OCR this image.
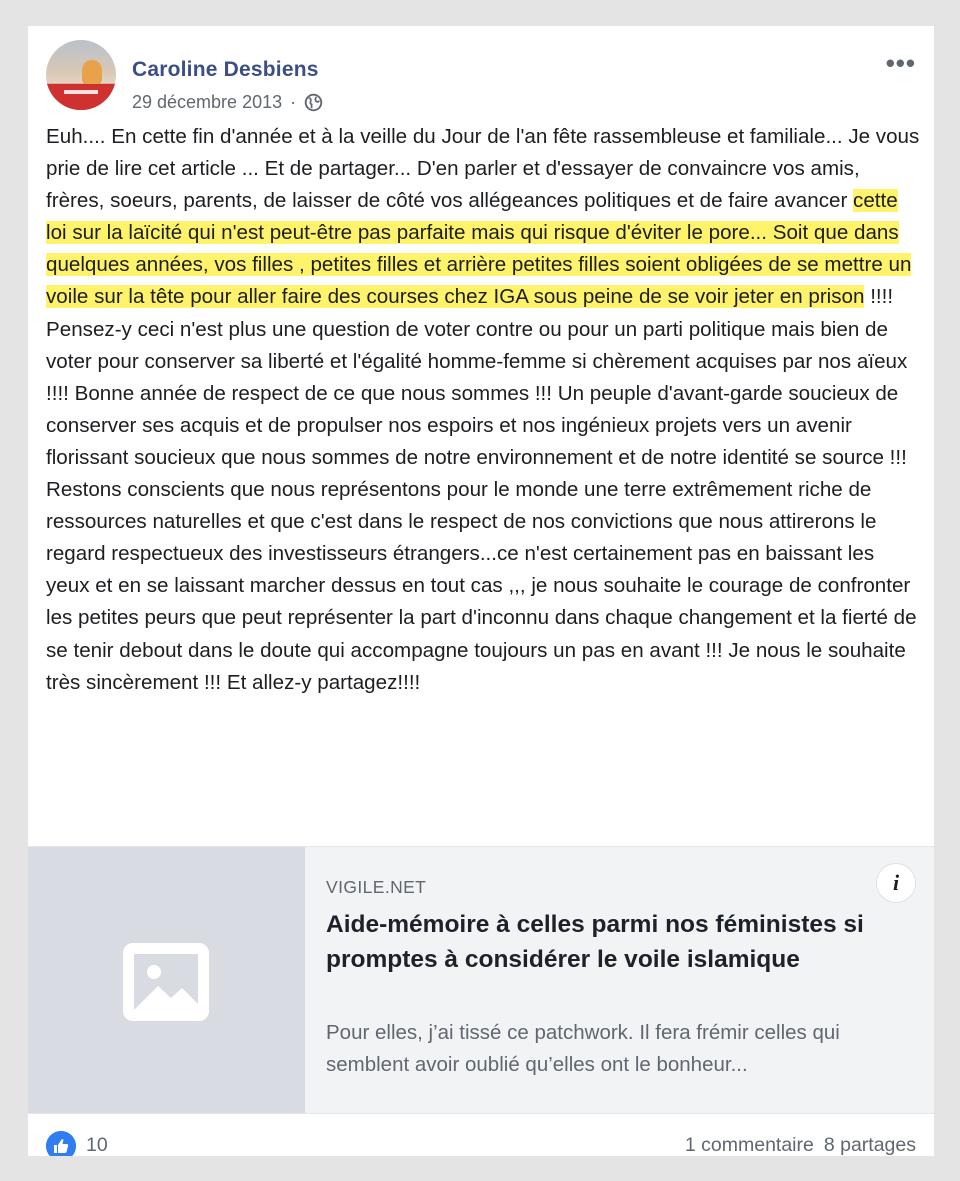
Caroline Desbiens
29 décembre 2013 ·
•••
Euh.... En cette fin d'année et à la veille du Jour de l'an fête rassembleuse et familiale... Je vous prie de lire cet article ... Et de partager... D'en parler et d'essayer de convaincre vos amis, frères, soeurs, parents, de laisser de côté vos allégeances politiques et de faire avancer cette loi sur la laïcité qui n'est peut-être pas parfaite mais qui risque d'éviter le pore... Soit que dans quelques années, vos filles , petites filles et arrière petites filles soient obligées de se mettre un voile sur la tête pour aller faire des courses chez IGA sous peine de se voir jeter en prison !!!! Pensez-y ceci n'est plus une question de voter contre ou pour un parti politique mais bien de voter pour conserver sa liberté et l'égalité homme-femme si chèrement acquises par nos aïeux !!!! Bonne année de respect de ce que nous sommes !!! Un peuple d'avant-garde soucieux de conserver ses acquis et de propulser nos espoirs et nos ingénieux projets vers un avenir florissant soucieux que nous sommes de notre environnement et de notre identité se source !!! Restons conscients que nous représentons pour le monde une terre extrêmement riche de ressources naturelles et que c'est dans le respect de nos convictions que nous attirerons le regard respectueux des investisseurs étrangers...ce n'est certainement pas en baissant les yeux et en se laissant marcher dessus en tout cas ,,, je nous souhaite le courage de confronter les petites peurs que peut représenter la part d'inconnu dans chaque changement et la fierté de se tenir debout dans le doute qui accompagne toujours un pas en avant !!! Je nous le souhaite très sincèrement !!! Et allez-y partagez!!!!
VIGILE.NET
Aide-mémoire à celles parmi nos féministes si promptes à considérer le voile islamique
Pour elles, j’ai tissé ce patchwork. Il fera frémir celles qui semblent avoir oublié qu’elles ont le bonheur...
i
10	1 commentaire 8 partages
